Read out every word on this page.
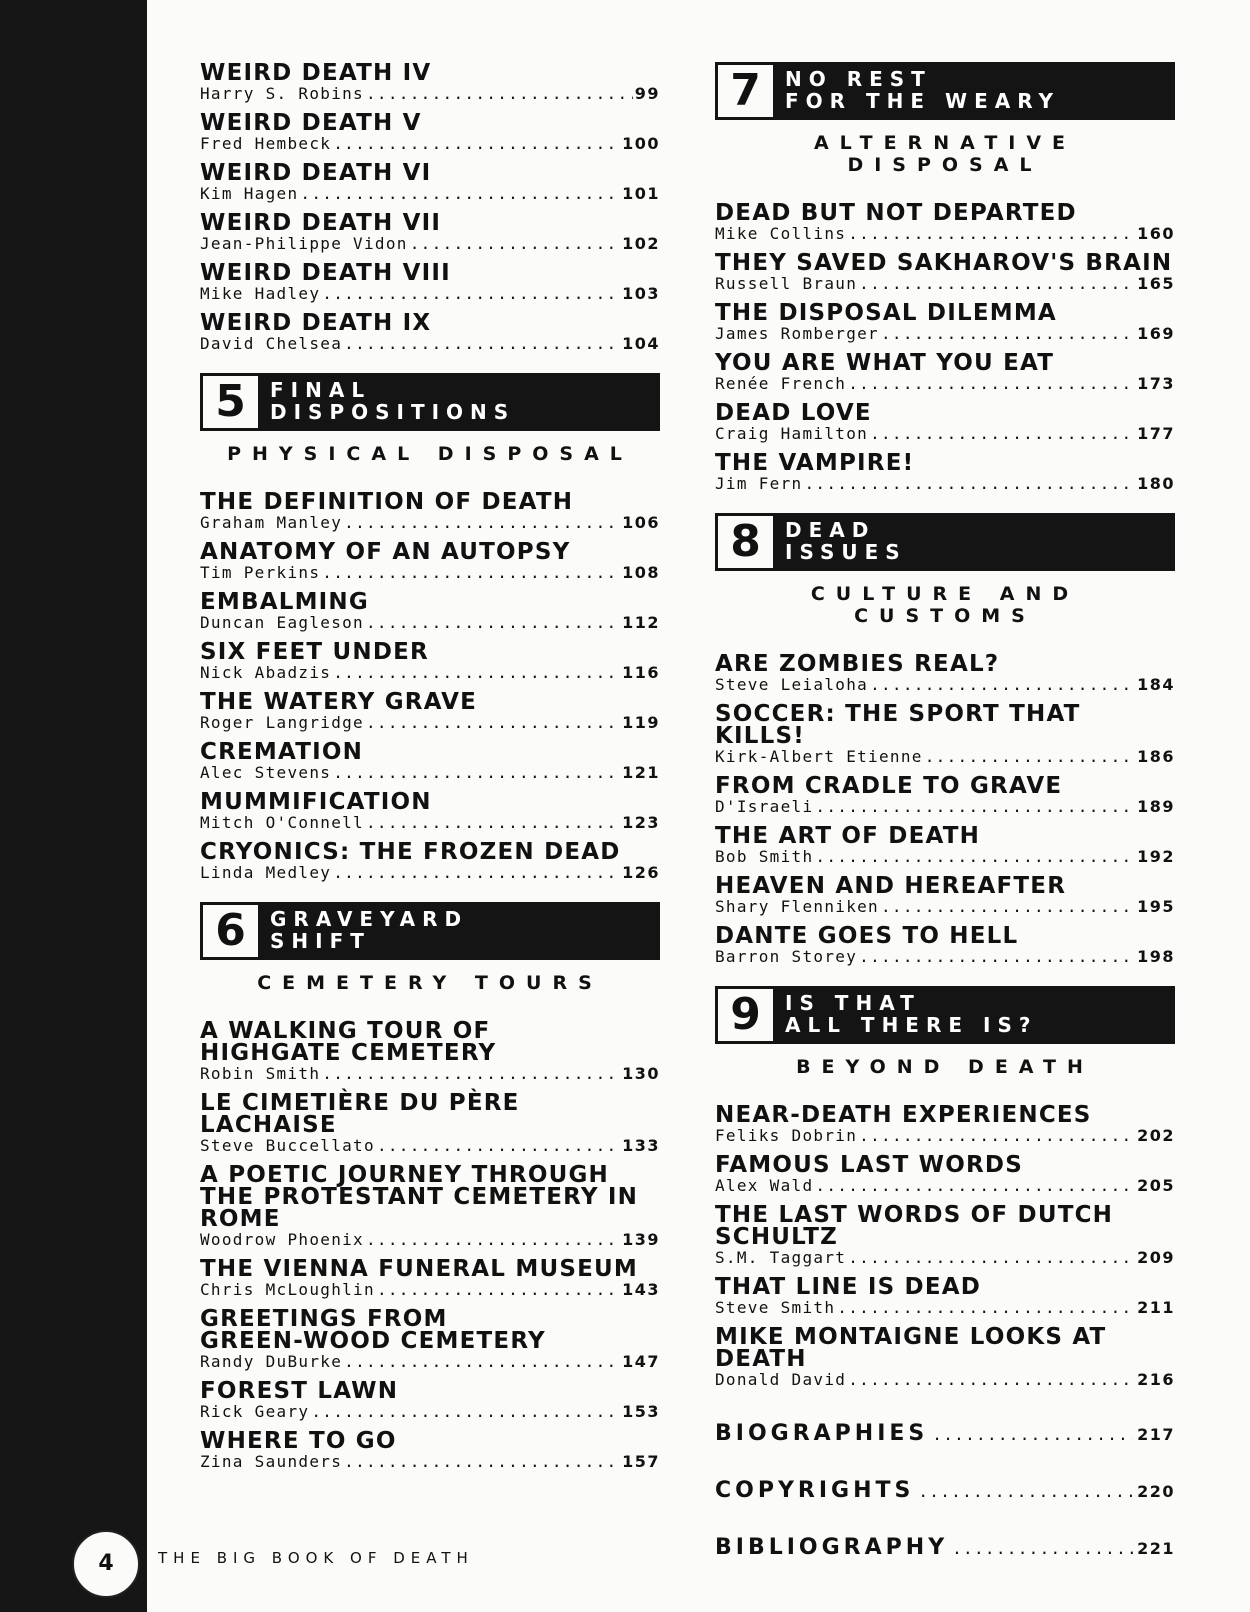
WEIRD DEATH IV
Harry S. Robins .....	99
WEIRD DEATH V
Fred Hembeck .....	100
WEIRD DEATH VI
Kim Hagen .....	101
WEIRD DEATH VII
Jean-Philippe Vidon .....	102
WEIRD DEATH VIII
Mike Hadley .....	103
WEIRD DEATH IX
David Chelsea .....	104
5	FINAL
DISPOSITIONS
PHYSICAL DISPOSAL
THE DEFINITION OF DEATH
Graham Manley .....	106
ANATOMY OF AN AUTOPSY
Tim Perkins .....	108
EMBALMING
Duncan Eagleson .....	112
SIX FEET UNDER
Nick Abadzis .....	116
THE WATERY GRAVE
Roger Langridge .....	119
CREMATION
Alec Stevens .....	121
MUMMIFICATION
Mitch O'Connell .....	123
CRYONICS: THE FROZEN DEAD
Linda Medley .....	126
6	GRAVEYARD
SHIFT
CEMETERY TOURS
A WALKING TOUR OF
HIGHGATE CEMETERY
Robin Smith .....	130
LE CIMETIÈRE DU PÈRE LACHAISE
Steve Buccellato .....	133
A POETIC JOURNEY THROUGH
THE PROTESTANT CEMETERY IN ROME
Woodrow Phoenix .....	139
THE VIENNA FUNERAL MUSEUM
Chris McLoughlin .....	143
GREETINGS FROM
GREEN-WOOD CEMETERY
Randy DuBurke .....	147
FOREST LAWN
Rick Geary .....	153
WHERE TO GO
Zina Saunders .....	157
7	NO REST
FOR THE WEARY
ALTERNATIVE DISPOSAL
DEAD BUT NOT DEPARTED
Mike Collins .....	160
THEY SAVED SAKHAROV'S BRAIN
Russell Braun .....	165
THE DISPOSAL DILEMMA
James Romberger .....	169
YOU ARE WHAT YOU EAT
Renée French .....	173
DEAD LOVE
Craig Hamilton .....	177
THE VAMPIRE!
Jim Fern .....	180
8	DEAD
ISSUES
CULTURE AND CUSTOMS
ARE ZOMBIES REAL?
Steve Leialoha .....	184
SOCCER: THE SPORT THAT KILLS!
Kirk-Albert Etienne .....	186
FROM CRADLE TO GRAVE
D'Israeli .....	189
THE ART OF DEATH
Bob Smith .....	192
HEAVEN AND HEREAFTER
Shary Flenniken .....	195
DANTE GOES TO HELL
Barron Storey .....	198
9	IS THAT
ALL THERE IS?
BEYOND DEATH
NEAR-DEATH EXPERIENCES
Feliks Dobrin .....	202
FAMOUS LAST WORDS
Alex Wald .....	205
THE LAST WORDS OF DUTCH SCHULTZ
S.M. Taggart .....	209
THAT LINE IS DEAD
Steve Smith .....	211
MIKE MONTAIGNE LOOKS AT DEATH
Donald David .....	216
BIOGRAPHIES .....	217
COPYRIGHTS .....	220
BIBLIOGRAPHY .....	221
4	THE BIG BOOK OF DEATH
